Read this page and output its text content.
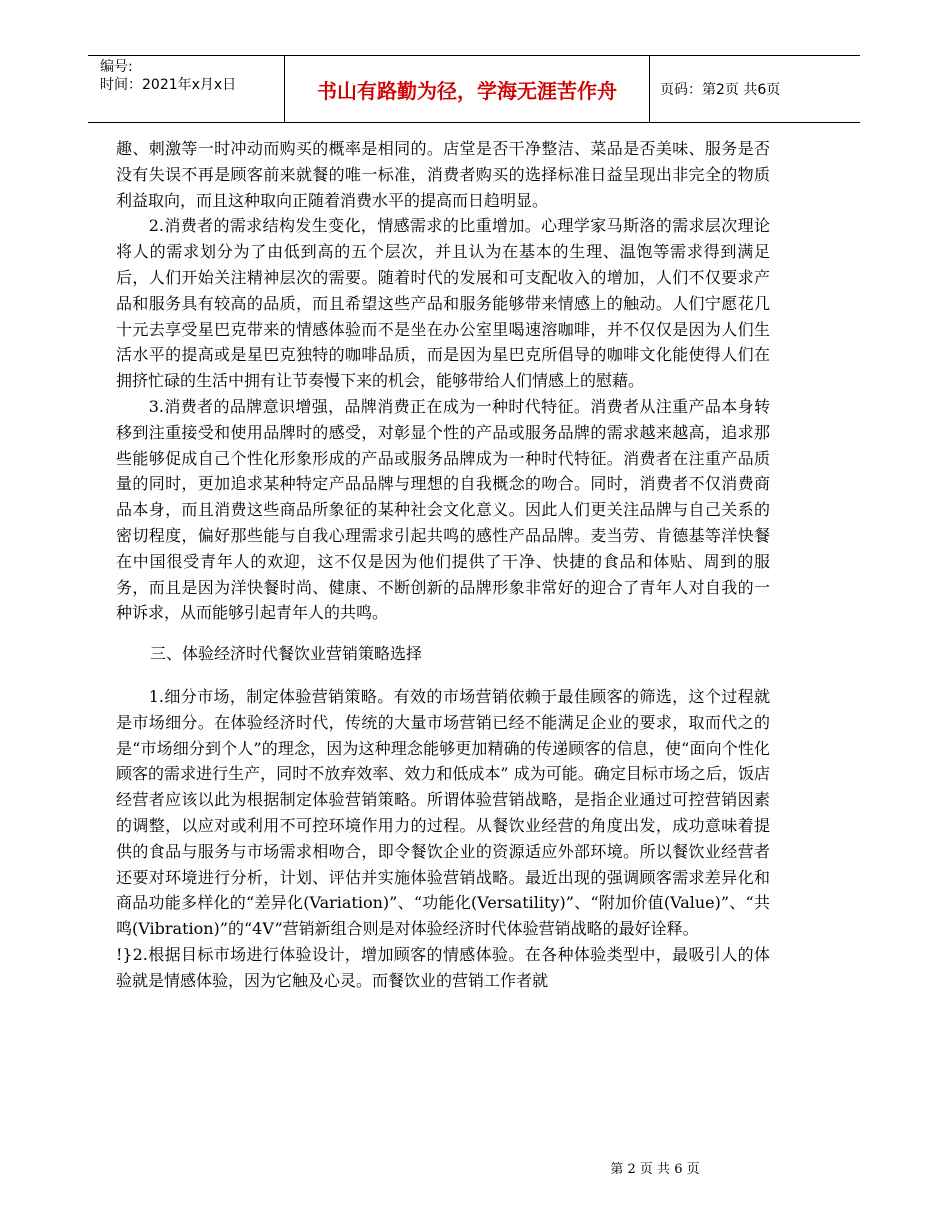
编号:
时间：2021年x月x日	书山有路勤为径，学海无涯苦作舟	页码：第2页 共6页

趣、刺激等一时冲动而购买的概率是相同的。店堂是否干净整洁、菜品是否美味、服务是否没有失误不再是顾客前来就餐的唯一标准，消费者购买的选择标准日益呈现出非完全的物质利益取向，而且这种取向正随着消费水平的提高而日趋明显。

　　2.消费者的需求结构发生变化，情感需求的比重增加。心理学家马斯洛的需求层次理论将人的需求划分为了由低到高的五个层次，并且认为在基本的生理、温饱等需求得到满足后，人们开始关注精神层次的需要。随着时代的发展和可支配收入的增加，人们不仅要求产品和服务具有较高的品质，而且希望这些产品和服务能够带来情感上的触动。人们宁愿花几十元去享受星巴克带来的情感体验而不是坐在办公室里喝速溶咖啡，并不仅仅是因为人们生活水平的提高或是星巴克独特的咖啡品质，而是因为星巴克所倡导的咖啡文化能使得人们在拥挤忙碌的生活中拥有让节奏慢下来的机会，能够带给人们情感上的慰藉。

　　3.消费者的品牌意识增强，品牌消费正在成为一种时代特征。消费者从注重产品本身转移到注重接受和使用品牌时的感受，对彰显个性的产品或服务品牌的需求越来越高，追求那些能够促成自己个性化形象形成的产品或服务品牌成为一种时代特征。消费者在注重产品质量的同时，更加追求某种特定产品品牌与理想的自我概念的吻合。同时，消费者不仅消费商品本身，而且消费这些商品所象征的某种社会文化意义。因此人们更关注品牌与自己关系的密切程度，偏好那些能与自我心理需求引起共鸣的感性产品品牌。麦当劳、肯德基等洋快餐在中国很受青年人的欢迎，这不仅是因为他们提供了干净、快捷的食品和体贴、周到的服务，而且是因为洋快餐时尚、健康、不断创新的品牌形象非常好的迎合了青年人对自我的一种诉求，从而能够引起青年人的共鸣。

三、体验经济时代餐饮业营销策略选择

　　1.细分市场，制定体验营销策略。有效的市场营销依赖于最佳顾客的筛选，这个过程就是市场细分。在体验经济时代，传统的大量市场营销已经不能满足企业的要求，取而代之的是“市场细分到个人”的理念，因为这种理念能够更加精确的传递顾客的信息，使“面向个性化顾客的需求进行生产，同时不放弃效率、效力和低成本” 成为可能。确定目标市场之后，饭店经营者应该以此为根据制定体验营销策略。所谓体验营销战略，是指企业通过可控营销因素的调整，以应对或利用不可控环境作用力的过程。从餐饮业经营的角度出发，成功意味着提供的食品与服务与市场需求相吻合，即令餐饮企业的资源适应外部环境。所以餐饮业经营者还要对环境进行分析，计划、评估并实施体验营销战略。最近出现的强调顾客需求差异化和商品功能多样化的“差异化(Variation)”、“功能化(Versatility)”、“附加价值(Value)”、“共鸣(Vibration)”的“4V”营销新组合则是对体验经济时代体验营销战略的最好诠释。

!}2.根据目标市场进行体验设计，增加顾客的情感体验。在各种体验类型中，最吸引人的体验就是情感体验，因为它触及心灵。而餐饮业的营销工作者就

第 2 页 共 6 页
